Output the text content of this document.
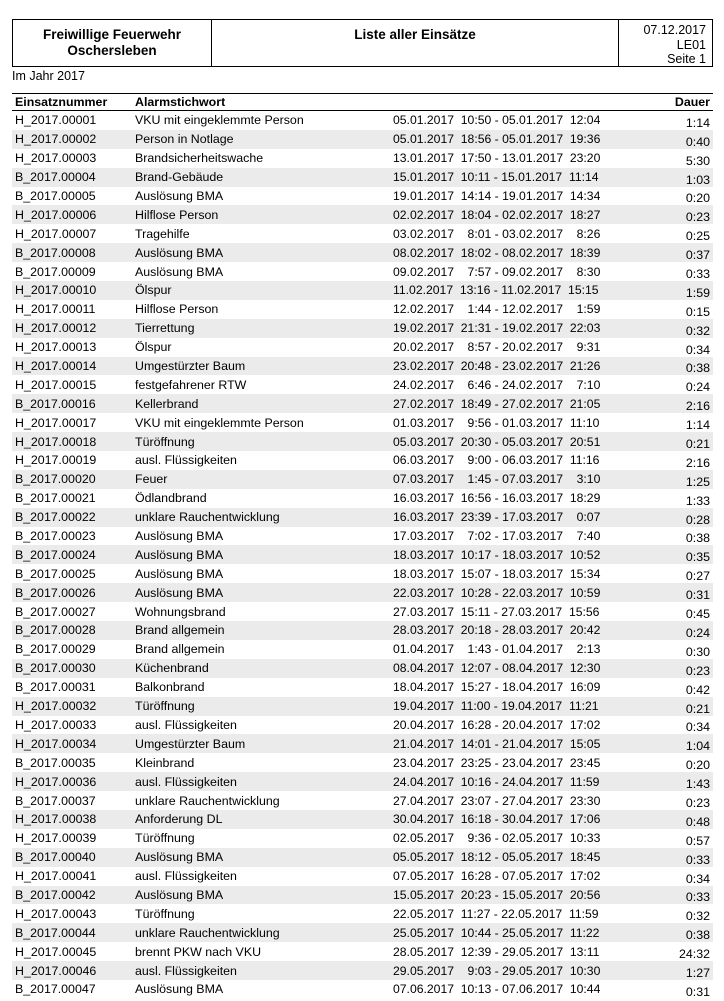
Freiwillige Feuerwehr
Oschersleben
Liste aller Einsätze	07.12.2017
LE01
Seite 1
Im Jahr 2017
Einsatznummer	Alarmstichwort		Dauer
H_2017.00001	VKU mit eingeklemmte Person	05.01.2017  10:50 - 05.01.2017  12:04	1:14
H_2017.00002	Person in Notlage	05.01.2017  18:56 - 05.01.2017  19:36	0:40
H_2017.00003	Brandsicherheitswache	13.01.2017  17:50 - 13.01.2017  23:20	5:30
B_2017.00004	Brand-Gebäude	15.01.2017  10:11 - 15.01.2017  11:14	1:03
B_2017.00005	Auslösung BMA	19.01.2017  14:14 - 19.01.2017  14:34	0:20
H_2017.00006	Hilflose Person	02.02.2017  18:04 - 02.02.2017  18:27	0:23
H_2017.00007	Tragehilfe	03.02.2017    8:01 - 03.02.2017    8:26	0:25
B_2017.00008	Auslösung BMA	08.02.2017  18:02 - 08.02.2017  18:39	0:37
B_2017.00009	Auslösung BMA	09.02.2017    7:57 - 09.02.2017    8:30	0:33
H_2017.00010	Ölspur	11.02.2017  13:16 - 11.02.2017  15:15	1:59
H_2017.00011	Hilflose Person	12.02.2017    1:44 - 12.02.2017    1:59	0:15
H_2017.00012	Tierrettung	19.02.2017  21:31 - 19.02.2017  22:03	0:32
H_2017.00013	Ölspur	20.02.2017    8:57 - 20.02.2017    9:31	0:34
H_2017.00014	Umgestürzter Baum	23.02.2017  20:48 - 23.02.2017  21:26	0:38
H_2017.00015	festgefahrener RTW	24.02.2017    6:46 - 24.02.2017    7:10	0:24
B_2017.00016	Kellerbrand	27.02.2017  18:49 - 27.02.2017  21:05	2:16
H_2017.00017	VKU mit eingeklemmte Person	01.03.2017    9:56 - 01.03.2017  11:10	1:14
H_2017.00018	Türöffnung	05.03.2017  20:30 - 05.03.2017  20:51	0:21
H_2017.00019	ausl. Flüssigkeiten	06.03.2017    9:00 - 06.03.2017  11:16	2:16
B_2017.00020	Feuer	07.03.2017    1:45 - 07.03.2017    3:10	1:25
B_2017.00021	Ödlandbrand	16.03.2017  16:56 - 16.03.2017  18:29	1:33
B_2017.00022	unklare Rauchentwicklung	16.03.2017  23:39 - 17.03.2017    0:07	0:28
B_2017.00023	Auslösung BMA	17.03.2017    7:02 - 17.03.2017    7:40	0:38
B_2017.00024	Auslösung BMA	18.03.2017  10:17 - 18.03.2017  10:52	0:35
B_2017.00025	Auslösung BMA	18.03.2017  15:07 - 18.03.2017  15:34	0:27
B_2017.00026	Auslösung BMA	22.03.2017  10:28 - 22.03.2017  10:59	0:31
B_2017.00027	Wohnungsbrand	27.03.2017  15:11 - 27.03.2017  15:56	0:45
B_2017.00028	Brand allgemein	28.03.2017  20:18 - 28.03.2017  20:42	0:24
B_2017.00029	Brand allgemein	01.04.2017    1:43 - 01.04.2017    2:13	0:30
B_2017.00030	Küchenbrand	08.04.2017  12:07 - 08.04.2017  12:30	0:23
B_2017.00031	Balkonbrand	18.04.2017  15:27 - 18.04.2017  16:09	0:42
H_2017.00032	Türöffnung	19.04.2017  11:00 - 19.04.2017  11:21	0:21
H_2017.00033	ausl. Flüssigkeiten	20.04.2017  16:28 - 20.04.2017  17:02	0:34
H_2017.00034	Umgestürzter Baum	21.04.2017  14:01 - 21.04.2017  15:05	1:04
B_2017.00035	Kleinbrand	23.04.2017  23:25 - 23.04.2017  23:45	0:20
H_2017.00036	ausl. Flüssigkeiten	24.04.2017  10:16 - 24.04.2017  11:59	1:43
B_2017.00037	unklare Rauchentwicklung	27.04.2017  23:07 - 27.04.2017  23:30	0:23
H_2017.00038	Anforderung DL	30.04.2017  16:18 - 30.04.2017  17:06	0:48
H_2017.00039	Türöffnung	02.05.2017    9:36 - 02.05.2017  10:33	0:57
B_2017.00040	Auslösung BMA	05.05.2017  18:12 - 05.05.2017  18:45	0:33
H_2017.00041	ausl. Flüssigkeiten	07.05.2017  16:28 - 07.05.2017  17:02	0:34
B_2017.00042	Auslösung BMA	15.05.2017  20:23 - 15.05.2017  20:56	0:33
H_2017.00043	Türöffnung	22.05.2017  11:27 - 22.05.2017  11:59	0:32
B_2017.00044	unklare Rauchentwicklung	25.05.2017  10:44 - 25.05.2017  11:22	0:38
H_2017.00045	brennt PKW nach VKU	28.05.2017  12:39 - 29.05.2017  13:11	24:32
H_2017.00046	ausl. Flüssigkeiten	29.05.2017    9:03 - 29.05.2017  10:30	1:27
B_2017.00047	Auslösung BMA	07.06.2017  10:13 - 07.06.2017  10:44	0:31
